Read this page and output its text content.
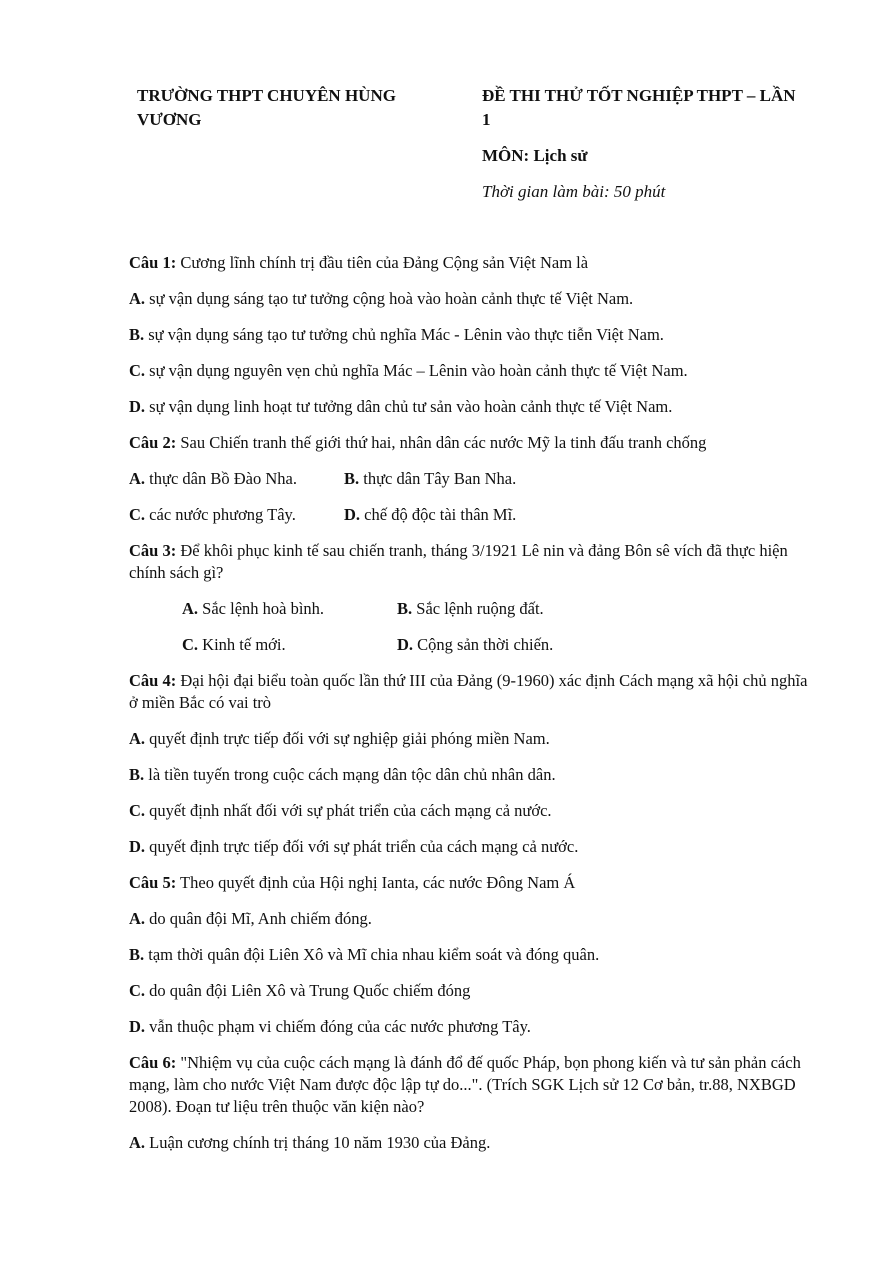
TRƯỜNG THPT CHUYÊN HÙNG VƯƠNG
ĐỀ THI THỬ TỐT NGHIỆP THPT – LẦN 1
MÔN: Lịch sử
Thời gian làm bài: 50 phút
Câu 1: Cương lĩnh chính trị đầu tiên của Đảng Cộng sản Việt Nam là
A. sự vận dụng sáng tạo tư tưởng cộng hoà vào hoàn cảnh thực tế Việt Nam.
B. sự vận dụng sáng tạo tư tưởng chủ nghĩa Mác - Lênin vào thực tiễn Việt Nam.
C. sự vận dụng nguyên vẹn chủ nghĩa Mác – Lênin vào hoàn cảnh thực tế Việt Nam.
D. sự vận dụng linh hoạt tư tưởng dân chủ tư sản vào hoàn cảnh thực tế Việt Nam.
Câu 2: Sau Chiến tranh thế giới thứ hai, nhân dân các nước Mỹ la tinh đấu tranh chống
A. thực dân Bồ Đào Nha.	B. thực dân Tây Ban Nha.
C. các nước phương Tây.	D. chế độ độc tài thân Mĩ.
Câu 3: Để khôi phục kinh tế sau chiến tranh, tháng 3/1921 Lê nin và đảng Bôn sê vích đã thực hiện chính sách gì?
A. Sắc lệnh hoà bình.	B. Sắc lệnh ruộng đất.
C. Kinh tế mới.	D. Cộng sản thời chiến.
Câu 4: Đại hội đại biểu toàn quốc lần thứ III của Đảng (9-1960) xác định Cách mạng xã hội chủ nghĩa ở miền Bắc có vai trò
A. quyết định trực tiếp đối với sự nghiệp giải phóng miền Nam.
B. là tiền tuyến trong cuộc cách mạng dân tộc dân chủ nhân dân.
C. quyết định nhất đối với sự phát triển của cách mạng cả nước.
D. quyết định trực tiếp đối với sự phát triển của cách mạng cả nước.
Câu 5: Theo quyết định của Hội nghị Ianta, các nước Đông Nam Á
A. do quân đội Mĩ, Anh chiếm đóng.
B. tạm thời quân đội Liên Xô và Mĩ chia nhau kiểm soát và đóng quân.
C. do quân đội Liên Xô và Trung Quốc chiếm đóng
D. vẫn thuộc phạm vi chiếm đóng của các nước phương Tây.
Câu 6: "Nhiệm vụ của cuộc cách mạng là đánh đổ đế quốc Pháp, bọn phong kiến và tư sản phản cách mạng, làm cho nước Việt Nam được độc lập tự do...". (Trích SGK Lịch sử 12 Cơ bản, tr.88, NXBGD 2008). Đoạn tư liệu trên thuộc văn kiện nào?
A. Luận cương chính trị tháng 10 năm 1930 của Đảng.
